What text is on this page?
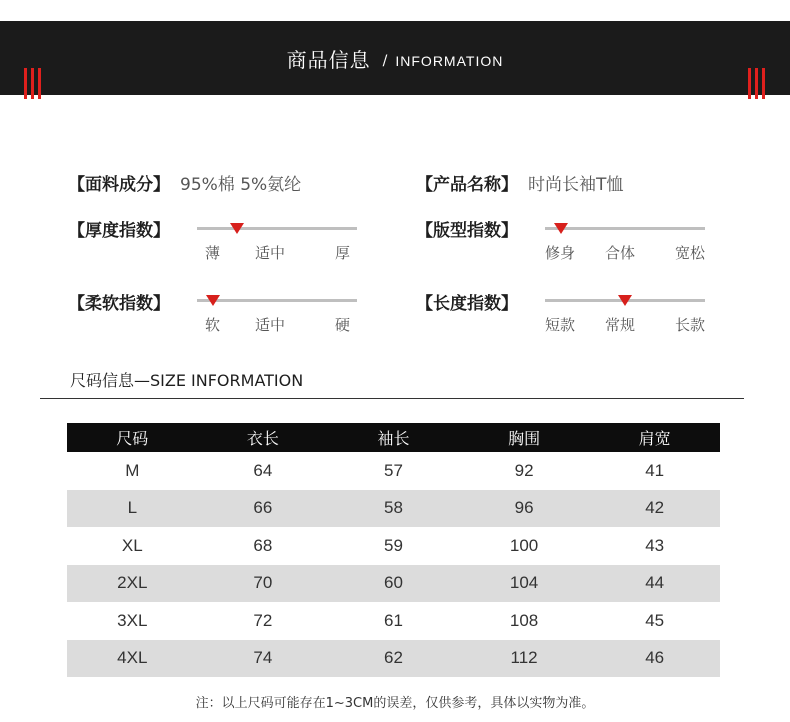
商品信息 / INFORMATION
【面料成分】 95%棉 5%氨纶	【产品名称】 时尚长袖T恤
【厚度指数】
薄 适中	厚
【版型指数】
修身 合体	宽松
【柔软指数】
软 适中	硬
【长度指数】
短款 常规	长款
尺码信息—SIZE INFORMATION
尺码	衣长	袖长	胸围	肩宽
M	64	57	92	41
L	66	58	96	42
XL	68	59	100	43
2XL	70	60	104	44
3XL	72	61	108	45
4XL	74	62	112	46
注：以上尺码可能存在1~3CM的误差，仅供参考，具体以实物为准。
